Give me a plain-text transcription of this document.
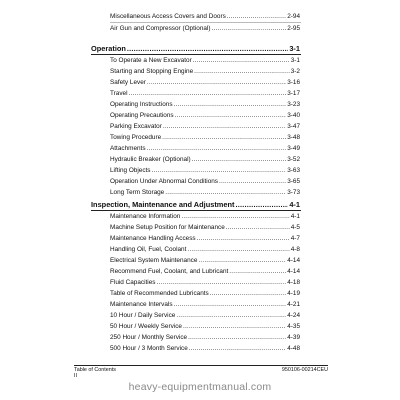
Miscellaneous Access Covers and Doors .....	2-94
Air Gun and Compressor (Optional) .....	2-95
Operation .....	3-1
To Operate a New Excavator .....	3-1
Starting and Stopping Engine .....	3-2
Safety Lever .....	3-16
Travel .....	3-17
Operating Instructions .....	3-23
Operating Precautions .....	3-40
Parking Excavator .....	3-47
Towing Procedure .....	3-48
Attachments .....	3-49
Hydraulic Breaker (Optional) .....	3-52
Lifting Objects .....	3-63
Operation Under Abnormal Conditions .....	3-65
Long Term Storage .....	3-73
Inspection, Maintenance and Adjustment .....	4-1
Maintenance Information .....	4-1
Machine Setup Position for Maintenance .....	4-5
Maintenance Handling Access .....	4-7
Handling Oil, Fuel, Coolant .....	4-8
Electrical System Maintenance .....	4-14
Recommend Fuel, Coolant, and Lubricant .....	4-14
Fluid Capacities .....	4-18
Table of Recommended Lubricants .....	4-19
Maintenance Intervals .....	4-21
10 Hour / Daily Service .....	4-24
50 Hour / Weekly Service .....	4-35
250 Hour / Monthly Service .....	4-39
500 Hour / 3 Month Service .....	4-48
Table of Contents
II
950106-00214CEU
heavy-equipmentmanual.com
